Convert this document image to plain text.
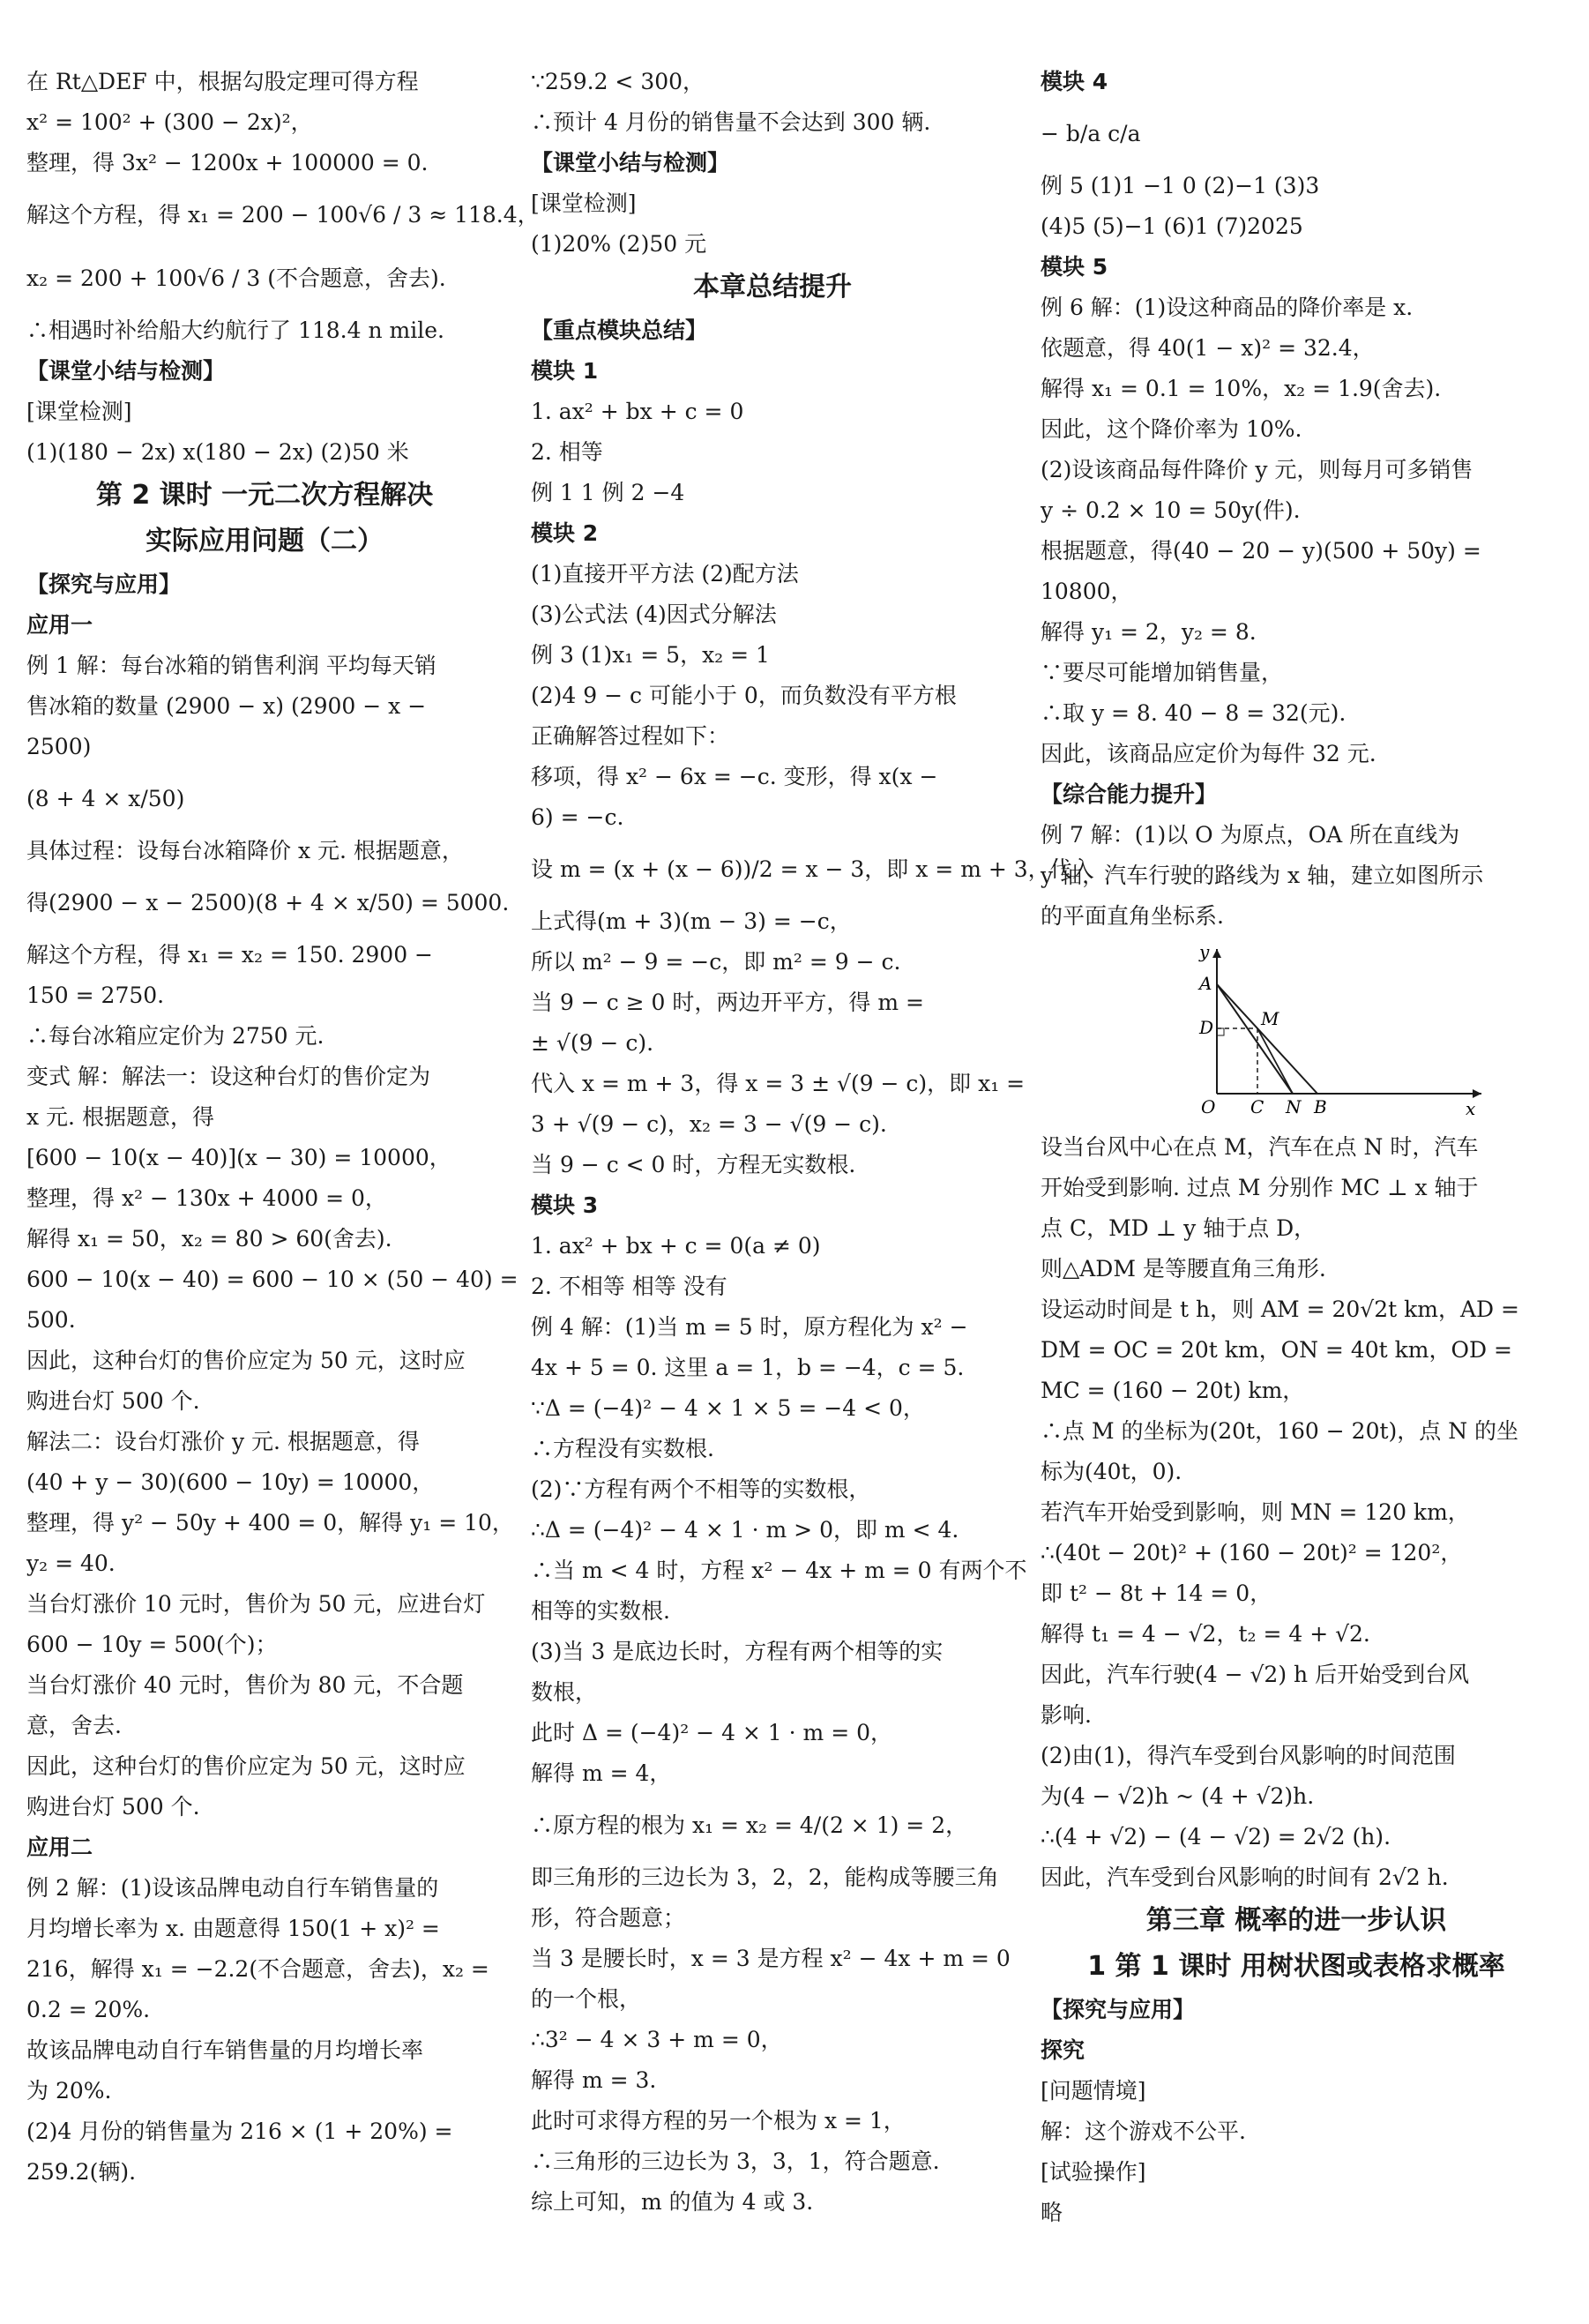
在 Rt△DEF 中，根据勾股定理可得方程
x² = 100² + (300 − 2x)²，
整理，得 3x² − 1200x + 100000 = 0.
解这个方程，得 x₁ = 200 − 100√6 / 3 ≈ 118.4，
x₂ = 200 + 100√6 / 3 (不合题意，舍去).
∴相遇时补给船大约航行了 118.4 n mile.
【课堂小结与检测】
[课堂检测]
(1)(180 − 2x) x(180 − 2x) (2)50 米
第 2 课时 一元二次方程解决
实际应用问题（二）
【探究与应用】
应用一
例 1 解：每台冰箱的销售利润 平均每天销
售冰箱的数量 (2900 − x) (2900 − x −
2500)
(8 + 4 × x/50)
具体过程：设每台冰箱降价 x 元. 根据题意，
得(2900 − x − 2500)(8 + 4 × x/50) = 5000.
解这个方程，得 x₁ = x₂ = 150. 2900 −
150 = 2750.
∴每台冰箱应定价为 2750 元.
变式 解：解法一：设这种台灯的售价定为
x 元. 根据题意，得
[600 − 10(x − 40)](x − 30) = 10000，
整理，得 x² − 130x + 4000 = 0，
解得 x₁ = 50，x₂ = 80 > 60(舍去).
600 − 10(x − 40) = 600 − 10 × (50 − 40) =
500.
因此，这种台灯的售价应定为 50 元，这时应
购进台灯 500 个.
解法二：设台灯涨价 y 元. 根据题意，得
(40 + y − 30)(600 − 10y) = 10000，
整理，得 y² − 50y + 400 = 0，解得 y₁ = 10，
y₂ = 40.
当台灯涨价 10 元时，售价为 50 元，应进台灯
600 − 10y = 500(个)；
当台灯涨价 40 元时，售价为 80 元，不合题
意，舍去.
因此，这种台灯的售价应定为 50 元，这时应
购进台灯 500 个.
应用二
例 2 解：(1)设该品牌电动自行车销售量的
月均增长率为 x. 由题意得 150(1 + x)² =
216，解得 x₁ = −2.2(不合题意，舍去)，x₂ =
0.2 = 20%.
故该品牌电动自行车销售量的月均增长率
为 20%.
(2)4 月份的销售量为 216 × (1 + 20%) =
259.2(辆).
∵259.2 < 300，
∴预计 4 月份的销售量不会达到 300 辆.
【课堂小结与检测】
[课堂检测]
(1)20% (2)50 元
本章总结提升
【重点模块总结】
模块 1
1. ax² + bx + c = 0
2. 相等
例 1 1 例 2 −4
模块 2
(1)直接开平方法 (2)配方法
(3)公式法 (4)因式分解法
例 3 (1)x₁ = 5，x₂ = 1
(2)4 9 − c 可能小于 0，而负数没有平方根
正确解答过程如下：
移项，得 x² − 6x = −c. 变形，得 x(x −
6) = −c.
设 m = (x + (x − 6))/2 = x − 3，即 x = m + 3，代入
上式得(m + 3)(m − 3) = −c，
所以 m² − 9 = −c，即 m² = 9 − c.
当 9 − c ≥ 0 时，两边开平方，得 m =
± √(9 − c).
代入 x = m + 3，得 x = 3 ± √(9 − c)，即 x₁ =
3 + √(9 − c)，x₂ = 3 − √(9 − c).
当 9 − c < 0 时，方程无实数根.
模块 3
1. ax² + bx + c = 0(a ≠ 0)
2. 不相等 相等 没有
例 4 解：(1)当 m = 5 时，原方程化为 x² −
4x + 5 = 0. 这里 a = 1，b = −4，c = 5.
∵Δ = (−4)² − 4 × 1 × 5 = −4 < 0，
∴方程没有实数根.
(2)∵方程有两个不相等的实数根，
∴Δ = (−4)² − 4 × 1 · m > 0，即 m < 4.
∴当 m < 4 时，方程 x² − 4x + m = 0 有两个不
相等的实数根.
(3)当 3 是底边长时，方程有两个相等的实
数根，
此时 Δ = (−4)² − 4 × 1 · m = 0，
解得 m = 4，
∴原方程的根为 x₁ = x₂ = 4/(2 × 1) = 2，
即三角形的三边长为 3，2，2，能构成等腰三角
形，符合题意；
当 3 是腰长时，x = 3 是方程 x² − 4x + m = 0
的一个根，
∴3² − 4 × 3 + m = 0，
解得 m = 3.
此时可求得方程的另一个根为 x = 1，
∴三角形的三边长为 3，3，1，符合题意.
综上可知，m 的值为 4 或 3.
模块 4
− b/a c/a
例 5 (1)1 −1 0 (2)−1 (3)3
(4)5 (5)−1 (6)1 (7)2025
模块 5
例 6 解：(1)设这种商品的降价率是 x.
依题意，得 40(1 − x)² = 32.4，
解得 x₁ = 0.1 = 10%，x₂ = 1.9(舍去).
因此，这个降价率为 10%.
(2)设该商品每件降价 y 元，则每月可多销售
y ÷ 0.2 × 10 = 50y(件).
根据题意，得(40 − 20 − y)(500 + 50y) =
10800，
解得 y₁ = 2，y₂ = 8.
∵要尽可能增加销售量，
∴取 y = 8. 40 − 8 = 32(元).
因此，该商品应定价为每件 32 元.
【综合能力提升】
例 7 解：(1)以 O 为原点，OA 所在直线为
y 轴，汽车行驶的路线为 x 轴，建立如图所示
的平面直角坐标系.
y
A
D	M
O C N B	x
设当台风中心在点 M，汽车在点 N 时，汽车
开始受到影响. 过点 M 分别作 MC ⊥ x 轴于
点 C，MD ⊥ y 轴于点 D，
则△ADM 是等腰直角三角形.
设运动时间是 t h，则 AM = 20√2t km，AD =
DM = OC = 20t km，ON = 40t km，OD =
MC = (160 − 20t) km，
∴点 M 的坐标为(20t，160 − 20t)，点 N 的坐
标为(40t，0).
若汽车开始受到影响，则 MN = 120 km，
∴(40t − 20t)² + (160 − 20t)² = 120²，
即 t² − 8t + 14 = 0，
解得 t₁ = 4 − √2，t₂ = 4 + √2.
因此，汽车行驶(4 − √2) h 后开始受到台风
影响.
(2)由(1)，得汽车受到台风影响的时间范围
为(4 − √2)h ~ (4 + √2)h.
∴(4 + √2) − (4 − √2) = 2√2 (h).
因此，汽车受到台风影响的时间有 2√2 h.
第三章 概率的进一步认识
1 第 1 课时 用树状图或表格求概率
【探究与应用】
探究
[问题情境]
解：这个游戏不公平.
[试验操作]
略
